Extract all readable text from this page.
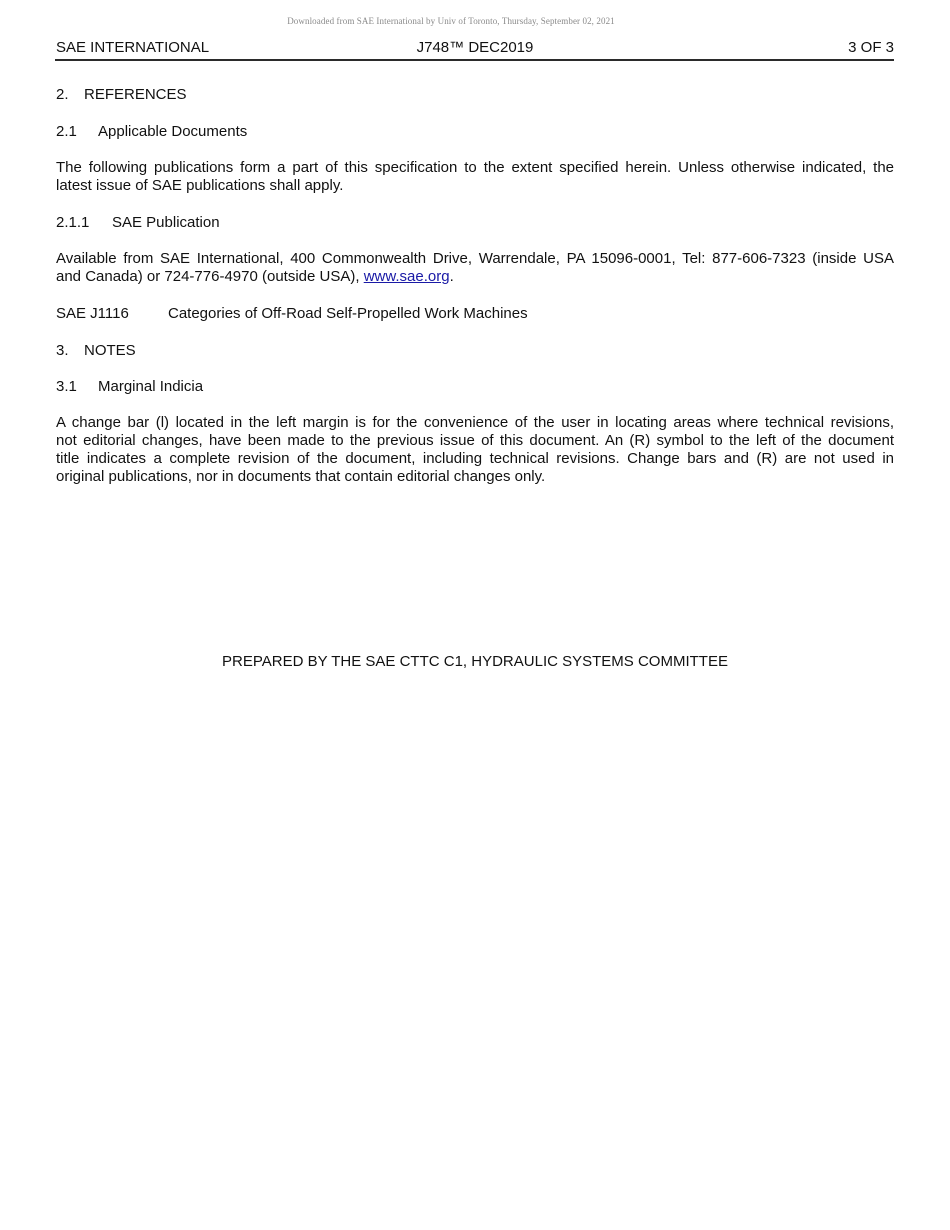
Downloaded from SAE International by Univ of Toronto, Thursday, September 02, 2021
SAE INTERNATIONAL	J748™ DEC2019	3 OF 3
2. REFERENCES
2.1 Applicable Documents
The following publications form a part of this specification to the extent specified herein. Unless otherwise indicated, the
latest issue of SAE publications shall apply.
2.1.1 SAE Publication
Available from SAE International, 400 Commonwealth Drive, Warrendale, PA 15096-0001, Tel: 877-606-7323 (inside USA
and Canada) or 724-776-4970 (outside USA), www.sae.org.
SAE J1116	Categories of Off-Road Self-Propelled Work Machines
3. NOTES
3.1 Marginal Indicia
A change bar (l) located in the left margin is for the convenience of the user in locating areas where technical revisions,
not editorial changes, have been made to the previous issue of this document. An (R) symbol to the left of the document
title indicates a complete revision of the document, including technical revisions. Change bars and (R) are not used in
original publications, nor in documents that contain editorial changes only.
PREPARED BY THE SAE CTTC C1, HYDRAULIC SYSTEMS COMMITTEE
